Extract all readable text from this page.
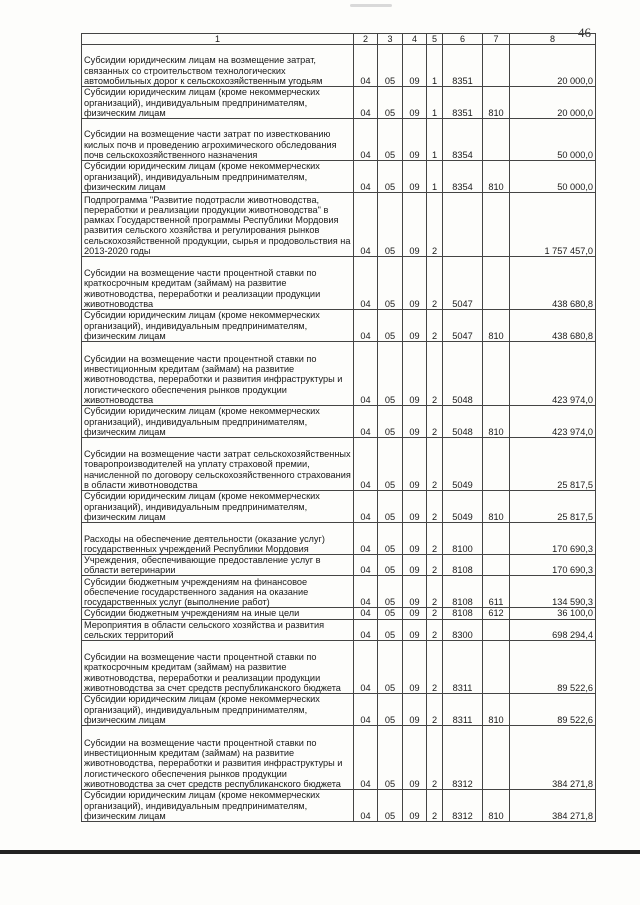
46
1	2	3	4	5	6	7	8
Субсидии юридическим лицам на возмещение затрат, связанных со строительством технологических автомобильных дорог к сельскохозяйственным угодьям	04	05	09	1	8351		20 000,0
Субсидии юридическим лицам (кроме некоммерческих организаций), индивидуальным предпринимателям, физическим лицам	04	05	09	1	8351	810	20 000,0
Субсидии на возмещение части затрат по известкованию кислых почв и проведению агрохимического обследования почв сельскохозяйственного назначения	04	05	09	1	8354		50 000,0
Субсидии юридическим лицам (кроме некоммерческих организаций), индивидуальным предпринимателям, физическим лицам	04	05	09	1	8354	810	50 000,0
Подпрограмма "Развитие подотрасли животноводства, переработки и реализации продукции животноводства" в рамках Государственной программы Республики Мордовия развития сельского хозяйства и регулирования рынков сельскохозяйственной продукции, сырья и продовольствия на 2013-2020 годы	04	05	09	2			1 757 457,0
Субсидии на возмещение части процентной ставки по краткосрочным кредитам (займам) на развитие животноводства, переработки и реализации продукции животноводства	04	05	09	2	5047		438 680,8
Субсидии юридическим лицам (кроме некоммерческих организаций), индивидуальным предпринимателям, физическим лицам	04	05	09	2	5047	810	438 680,8
Субсидии на возмещение части процентной ставки по инвестиционным кредитам (займам) на развитие животноводства, переработки и развития инфраструктуры и логистического обеспечения рынков продукции животноводства	04	05	09	2	5048		423 974,0
Субсидии юридическим лицам (кроме некоммерческих организаций), индивидуальным предпринимателям, физическим лицам	04	05	09	2	5048	810	423 974,0
Субсидии на возмещение части затрат сельскохозяйственных товаропроизводителей на уплату страховой премии, начисленной по договору сельскохозяйственного страхования в области животноводства	04	05	09	2	5049		25 817,5
Субсидии юридическим лицам (кроме некоммерческих организаций), индивидуальным предпринимателям, физическим лицам	04	05	09	2	5049	810	25 817,5
Расходы на обеспечение деятельности (оказание услуг) государственных учреждений Республики Мордовия	04	05	09	2	8100		170 690,3
Учреждения, обеспечивающие предоставление услуг в области ветеринарии	04	05	09	2	8108		170 690,3
Субсидии бюджетным учреждениям на финансовое обеспечение государственного задания на оказание государственных услуг (выполнение работ)	04	05	09	2	8108	611	134 590,3
Субсидии бюджетным учреждениям на иные цели	04	05	09	2	8108	612	36 100,0
Мероприятия в области сельского хозяйства и развития сельских территорий	04	05	09	2	8300		698 294,4
Субсидии на возмещение части процентной ставки по краткосрочным кредитам (займам) на развитие животноводства, переработки и реализации продукции животноводства за счет средств республиканского бюджета	04	05	09	2	8311		89 522,6
Субсидии юридическим лицам (кроме некоммерческих организаций), индивидуальным предпринимателям, физическим лицам	04	05	09	2	8311	810	89 522,6
Субсидии на возмещение части процентной ставки по инвестиционным кредитам (займам) на развитие животноводства, переработки и развития инфраструктуры и логистического обеспечения рынков продукции животноводства за счет средств республиканского бюджета	04	05	09	2	8312		384 271,8
Субсидии юридическим лицам (кроме некоммерческих организаций), индивидуальным предпринимателям, физическим лицам	04	05	09	2	8312	810	384 271,8
